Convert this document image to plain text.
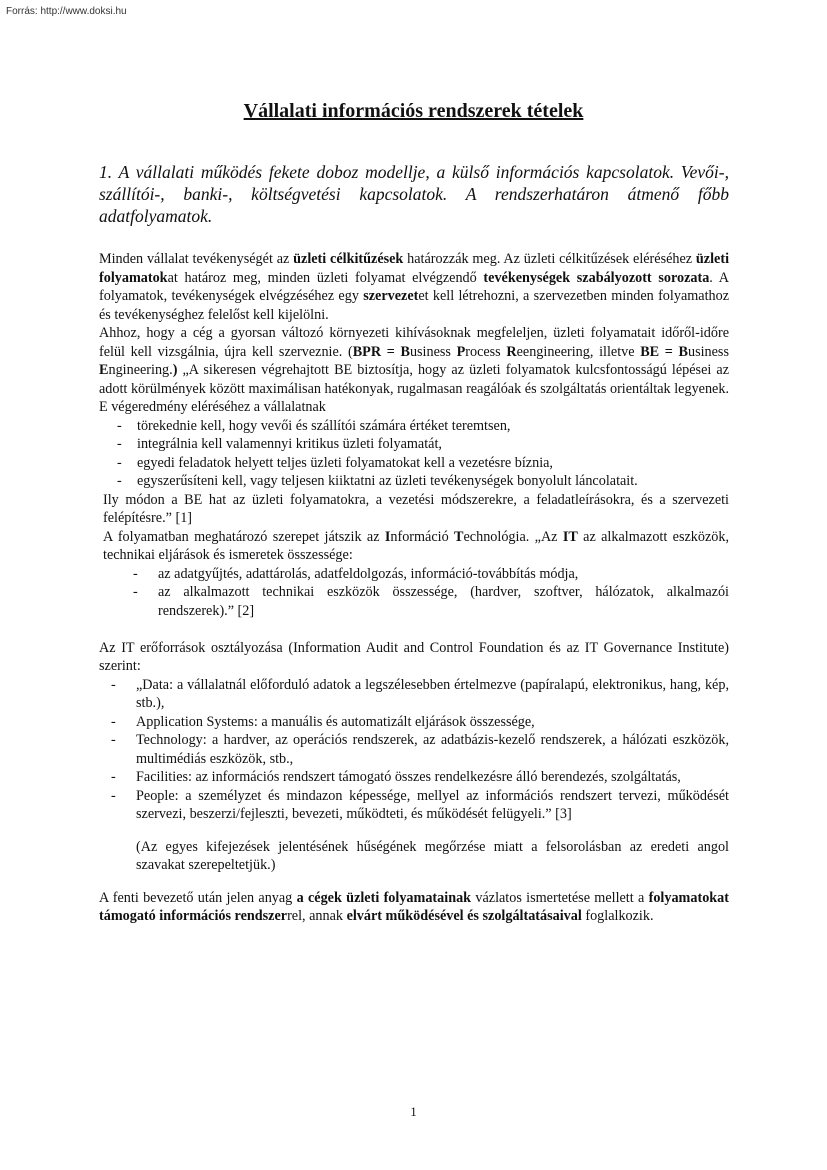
Forrás: http://www.doksi.hu
Vállalati információs rendszerek tételek
1. A vállalati működés fekete doboz modellje, a külső információs kapcsolatok. Vevői-, szállítói-, banki-, költségvetési kapcsolatok. A rendszerhatáron átmenő főbb adatfolyamatok.

Minden vállalat tevékenységét az üzleti célkitűzések határozzák meg. Az üzleti célkitűzések eléréséhez üzleti folyamatokat határoz meg, minden üzleti folyamat elvégzendő tevékenységek szabályozott sorozata. A folyamatok, tevékenységek elvégzéséhez egy szervezetet kell létrehozni, a szervezetben minden folyamathoz és tevékenységhez felelőst kell kijelölni.

Ahhoz, hogy a cég a gyorsan változó környezeti kihívásoknak megfeleljen, üzleti folyamatait időről-időre felül kell vizsgálnia, újra kell szerveznie. (BPR = Business Process Reengineering, illetve BE = Business Engineering.) „A sikeresen végrehajtott BE biztosítja, hogy az üzleti folyamatok kulcsfontosságú lépései az adott körülmények között maximálisan hatékonyak, rugalmasan reagálóak és szolgáltatás orientáltak legyenek. E végeredmény eléréséhez a vállalatnak

- törekednie kell, hogy vevői és szállítói számára értéket teremtsen,
- integrálnia kell valamennyi kritikus üzleti folyamatát,
- egyedi feladatok helyett teljes üzleti folyamatokat kell a vezetésre bíznia,
- egyszerűsíteni kell, vagy teljesen kiiktatni az üzleti tevékenységek bonyolult láncolatait.

Ily módon a BE hat az üzleti folyamatokra, a vezetési módszerekre, a feladatleírásokra, és a szervezeti felépítésre.” [1]

A folyamatban meghatározó szerepet játszik az Információ Technológia. „Az IT az alkalmazott eszközök, technikai eljárások és ismeretek összessége:

- az adatgyűjtés, adattárolás, adatfeldolgozás, információ-továbbítás módja,
- az alkalmazott technikai eszközök összessége, (hardver, szoftver, hálózatok, alkalmazói rendszerek).” [2]

Az IT erőforrások osztályozása (Information Audit and Control Foundation és az IT Governance Institute) szerint:

- „Data: a vállalatnál előforduló adatok a legszélesebben értelmezve (papíralapú, elektronikus, hang, kép, stb.),
- Application Systems: a manuális és automatizált eljárások összessége,
- Technology: a hardver, az operációs rendszerek, az adatbázis-kezelő rendszerek, a hálózati eszközök, multimédiás eszközök, stb.,
- Facilities: az információs rendszert támogató összes rendelkezésre álló berendezés, szolgáltatás,
- People: a személyzet és mindazon képessége, mellyel az információs rendszert tervezi, működését szervezi, beszerzi/fejleszti, bevezeti, működteti, és működését felügyeli.” [3]

(Az egyes kifejezések jelentésének hűségének megőrzése miatt a felsorolásban az eredeti angol szavakat szerepeltetjük.)

A fenti bevezető után jelen anyag a cégek üzleti folyamatainak vázlatos ismertetése mellett a folyamatokat támogató információs rendszerrel, annak elvárt működésével és szolgáltatásaival foglalkozik.

1
